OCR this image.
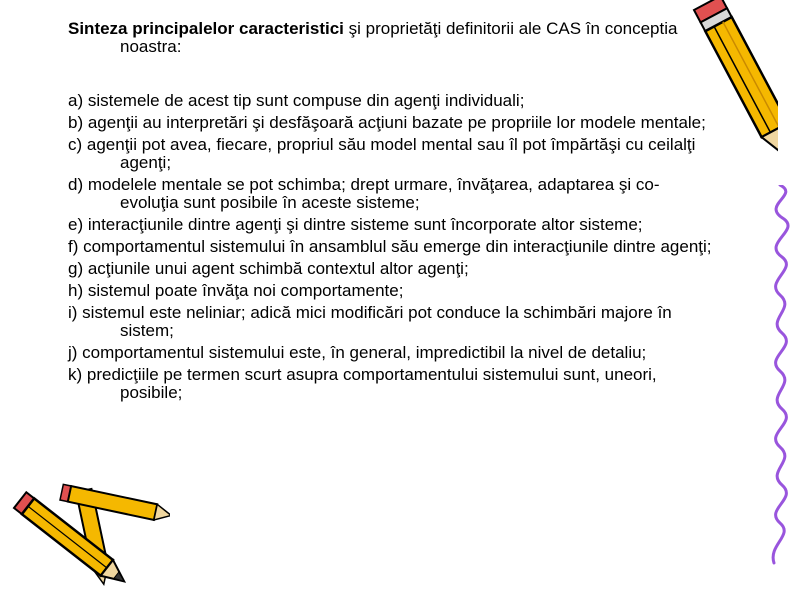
Sinteza principalelor caracteristici şi proprietăţi definitorii ale CAS în conceptia noastra:

a) sistemele de acest tip sunt compuse din agenţi individuali;

b) agenţii au interpretări şi desfăşoară acţiuni bazate pe propriile lor modele mentale;

c) agenţii pot avea, fiecare, propriul său model mental sau îl pot împărtăşi cu ceilalţi agenţi;

d) modelele mentale se pot schimba; drept urmare, învăţarea, adaptarea şi co-evoluţia sunt posibile în aceste sisteme;

e) interacţiunile dintre agenţi şi dintre sisteme sunt încorporate altor sisteme;

f) comportamentul sistemului în ansamblul său emerge din interacţiunile dintre agenţi;

g) acţiunile unui agent schimbă contextul altor agenţi;

h) sistemul poate învăţa noi comportamente;

i) sistemul este neliniar; adică mici modificări pot conduce la schimbări majore în sistem;

j) comportamentul sistemului este, în general, impredictibil la nivel de detaliu;

k) predicţiile pe termen scurt asupra comportamentului sistemului sunt, uneori, posibile;
